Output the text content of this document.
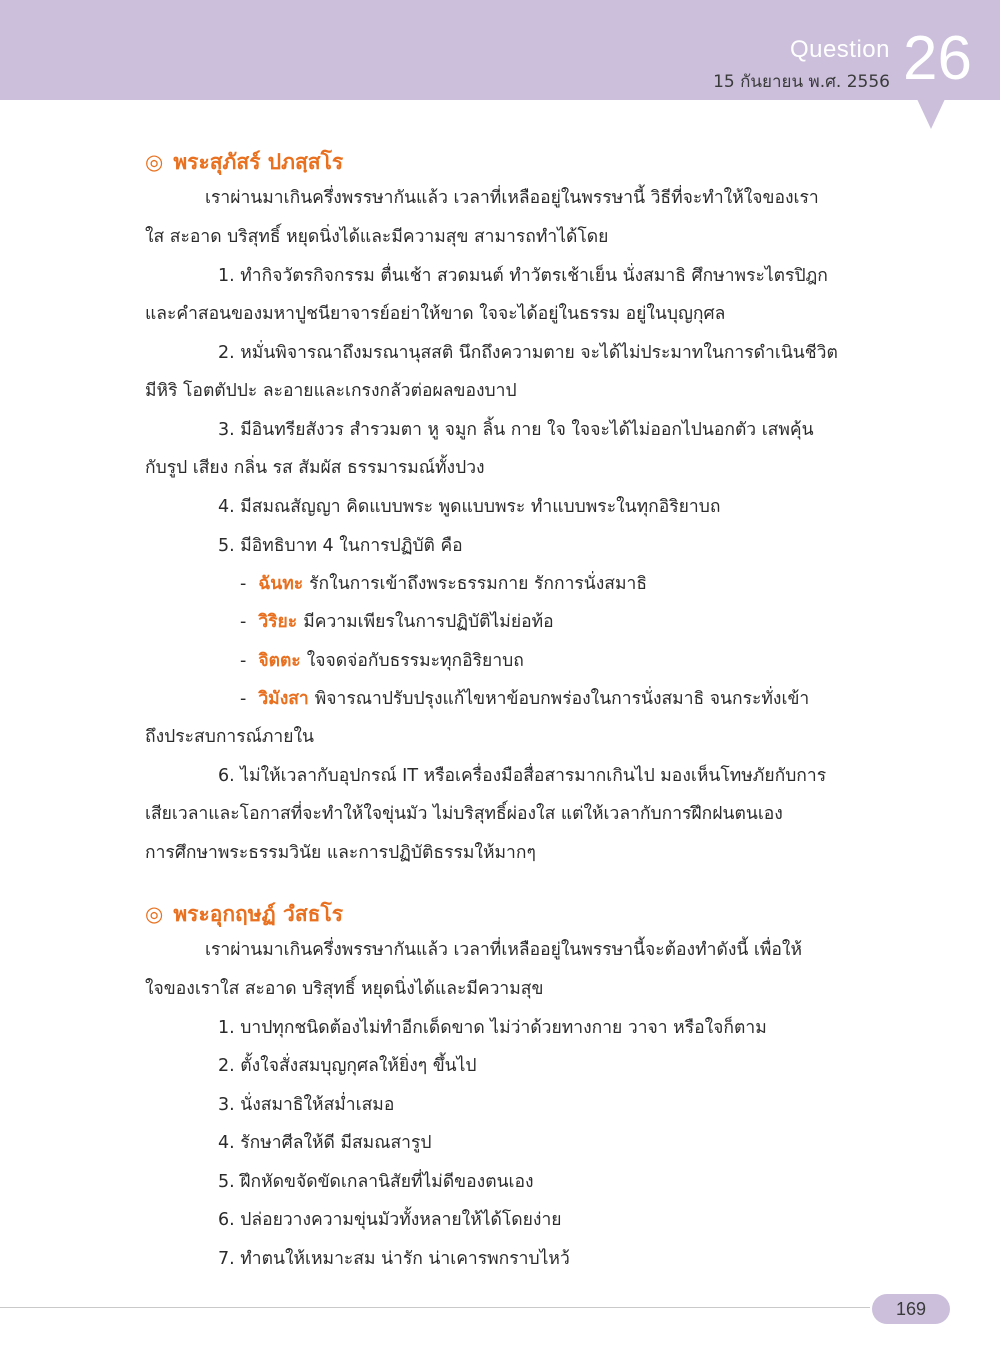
Question
15 กันยายน พ.ศ. 2556 26
◎ พระสุภัสร์ ปภสฺสโร
เราผ่านมาเกินครึ่งพรรษากันแล้ว เวลาที่เหลืออยู่ในพรรษานี้ วิธีที่จะทำให้ใจของเรา
ใส สะอาด บริสุทธิ์ หยุดนิ่งได้และมีความสุข สามารถทำได้โดย
1. ทำกิจวัตรกิจกรรม ตื่นเช้า สวดมนต์ ทำวัตรเช้าเย็น นั่งสมาธิ ศึกษาพระไตรปิฎก
และคำสอนของมหาปูชนียาจารย์อย่าให้ขาด ใจจะได้อยู่ในธรรม อยู่ในบุญกุศล
2. หมั่นพิจารณาถึงมรณานุสสติ นึกถึงความตาย จะได้ไม่ประมาทในการดำเนินชีวิต
มีหิริ โอตตัปปะ ละอายและเกรงกลัวต่อผลของบาป
3. มีอินทรียสังวร สำรวมตา หู จมูก ลิ้น กาย ใจ ใจจะได้ไม่ออกไปนอกตัว เสพคุ้น
กับรูป เสียง กลิ่น รส สัมผัส ธรรมารมณ์ทั้งปวง
4. มีสมณสัญญา คิดแบบพระ พูดแบบพระ ทำแบบพระในทุกอิริยาบถ
5. มีอิทธิบาท 4 ในการปฏิบัติ คือ
- ฉันทะ รักในการเข้าถึงพระธรรมกาย รักการนั่งสมาธิ
- วิริยะ มีความเพียรในการปฏิบัติไม่ย่อท้อ
- จิตตะ ใจจดจ่อกับธรรมะทุกอิริยาบถ
- วิมังสา พิจารณาปรับปรุงแก้ไขหาข้อบกพร่องในการนั่งสมาธิ จนกระทั่งเข้า
ถึงประสบการณ์ภายใน
6. ไม่ให้เวลากับอุปกรณ์ IT หรือเครื่องมือสื่อสารมากเกินไป มองเห็นโทษภัยกับการ
เสียเวลาและโอกาสที่จะทำให้ใจขุ่นมัว ไม่บริสุทธิ์ผ่องใส แต่ให้เวลากับการฝึกฝนตนเอง
การศึกษาพระธรรมวินัย และการปฏิบัติธรรมให้มากๆ
◎ พระอุกฤษฏ์ วํสธโร
เราผ่านมาเกินครึ่งพรรษากันแล้ว เวลาที่เหลืออยู่ในพรรษานี้จะต้องทำดังนี้ เพื่อให้
ใจของเราใส สะอาด บริสุทธิ์ หยุดนิ่งได้และมีความสุข
1. บาปทุกชนิดต้องไม่ทำอีกเด็ดขาด ไม่ว่าด้วยทางกาย วาจา หรือใจก็ตาม
2. ตั้งใจสั่งสมบุญกุศลให้ยิ่งๆ ขึ้นไป
3. นั่งสมาธิให้สม่ำเสมอ
4. รักษาศีลให้ดี มีสมณสารูป
5. ฝึกหัดขจัดขัดเกลานิสัยที่ไม่ดีของตนเอง
6. ปล่อยวางความขุ่นมัวทั้งหลายให้ได้โดยง่าย
7. ทำตนให้เหมาะสม น่ารัก น่าเคารพกราบไหว้
169
